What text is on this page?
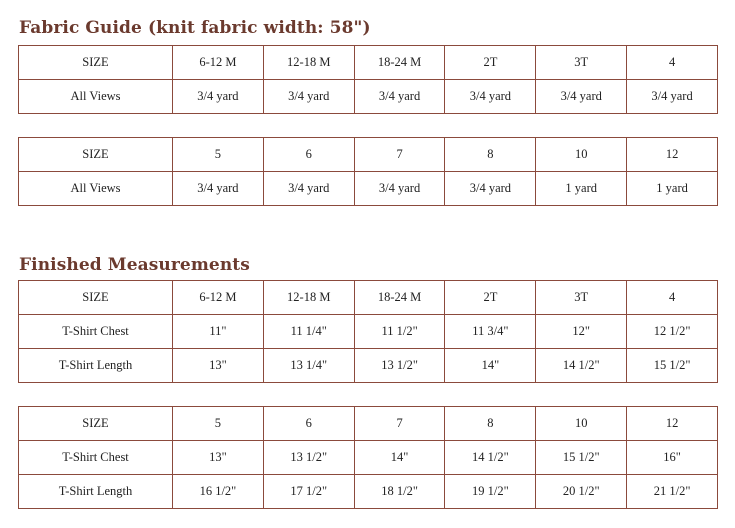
Fabric Guide (knit fabric width: 58")
SIZE	6-12 M	12-18 M	18-24 M	2T	3T	4
All Views	3/4 yard	3/4 yard	3/4 yard	3/4 yard	3/4 yard	3/4 yard
SIZE	5	6	7	8	10	12
All Views	3/4 yard	3/4 yard	3/4 yard	3/4 yard	1 yard	1 yard
Finished Measurements
SIZE	6-12 M	12-18 M	18-24 M	2T	3T	4
T-Shirt Chest	11"	11 1/4"	11 1/2"	11 3/4"	12"	12 1/2"
T-Shirt Length	13"	13 1/4"	13 1/2"	14"	14 1/2"	15 1/2"
SIZE	5	6	7	8	10	12
T-Shirt Chest	13"	13 1/2"	14"	14 1/2"	15 1/2"	16"
T-Shirt Length	16 1/2"	17 1/2"	18 1/2"	19 1/2"	20 1/2"	21 1/2"
